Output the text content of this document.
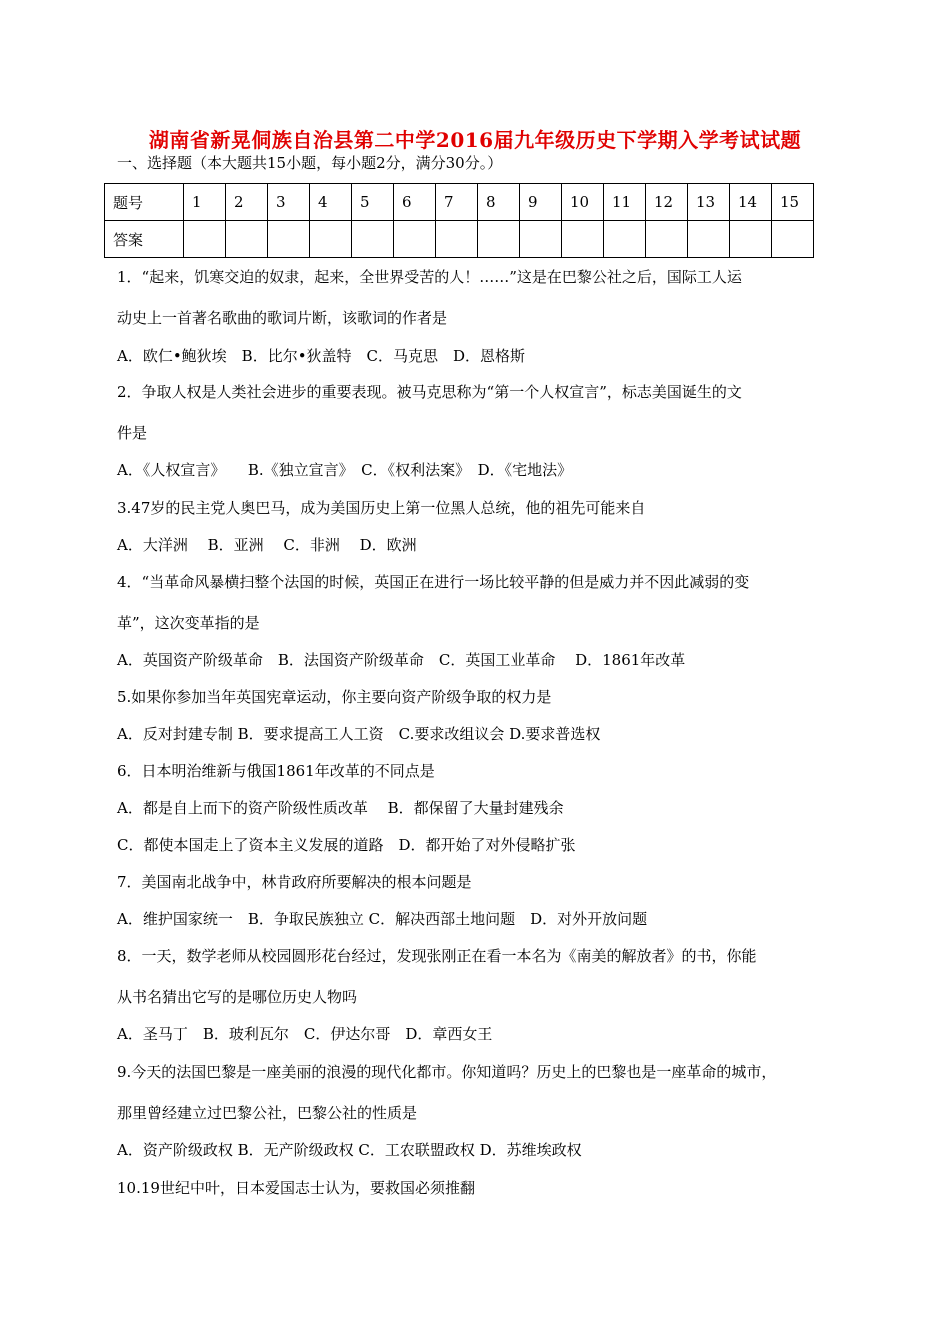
湖南省新晃侗族自治县第二中学2016届九年级历史下学期入学考试试题
一、选择题（本大题共15小题，每小题2分，满分30分。）
题号	1	2	3	4	5	6	7	8	9	10	11	12	13	14	15
答案															
1．“起来，饥寒交迫的奴隶，起来，全世界受苦的人！……”这是在巴黎公社之后，国际工人运
动史上一首著名歌曲的歌词片断，该歌词的作者是
A．欧仁•鲍狄埃　B．比尔•狄盖特　C．马克思　D．恩格斯
2．争取人权是人类社会进步的重要表现。被马克思称为“第一个人权宣言”，标志美国诞生的文
件是
A．《人权宣言》　　B.《独立宣言》　C．《权利法案》　D．《宅地法》
3.47岁的民主党人奥巴马，成为美国历史上第一位黑人总统，他的祖先可能来自
A．大洋洲　 B．亚洲　 C．非洲　 D．欧洲
4．“当革命风暴横扫整个法国的时候，英国正在进行一场比较平静的但是威力并不因此减弱的变
革”，这次变革指的是
A．英国资产阶级革命　B．法国资产阶级革命　C．英国工业革命　 D．1861年改革
5.如果你参加当年英国宪章运动，你主要向资产阶级争取的权力是
A．反对封建专制 B．要求提高工人工资　C.要求改组议会 D.要求普选权
6．日本明治维新与俄国1861年改革的不同点是
A．都是自上而下的资产阶级性质改革　 B．都保留了大量封建残余
C．都使本国走上了资本主义发展的道路　D．都开始了对外侵略扩张
7．美国南北战争中，林肯政府所要解决的根本问题是
A．维护国家统一　B．争取民族独立 C．解决西部土地问题　D．对外开放问题
8．一天，数学老师从校园圆形花台经过，发现张刚正在看一本名为《南美的解放者》的书，你能
从书名猜出它写的是哪位历史人物吗
A．圣马丁　B．玻利瓦尔　C．伊达尔哥　D．章西女王
9.今天的法国巴黎是一座美丽的浪漫的现代化都市。你知道吗？历史上的巴黎也是一座革命的城市，
那里曾经建立过巴黎公社，巴黎公社的性质是
A．资产阶级政权 B．无产阶级政权 C．工农联盟政权 D．苏维埃政权
10.19世纪中叶，日本爱国志士认为，要救国必须推翻
